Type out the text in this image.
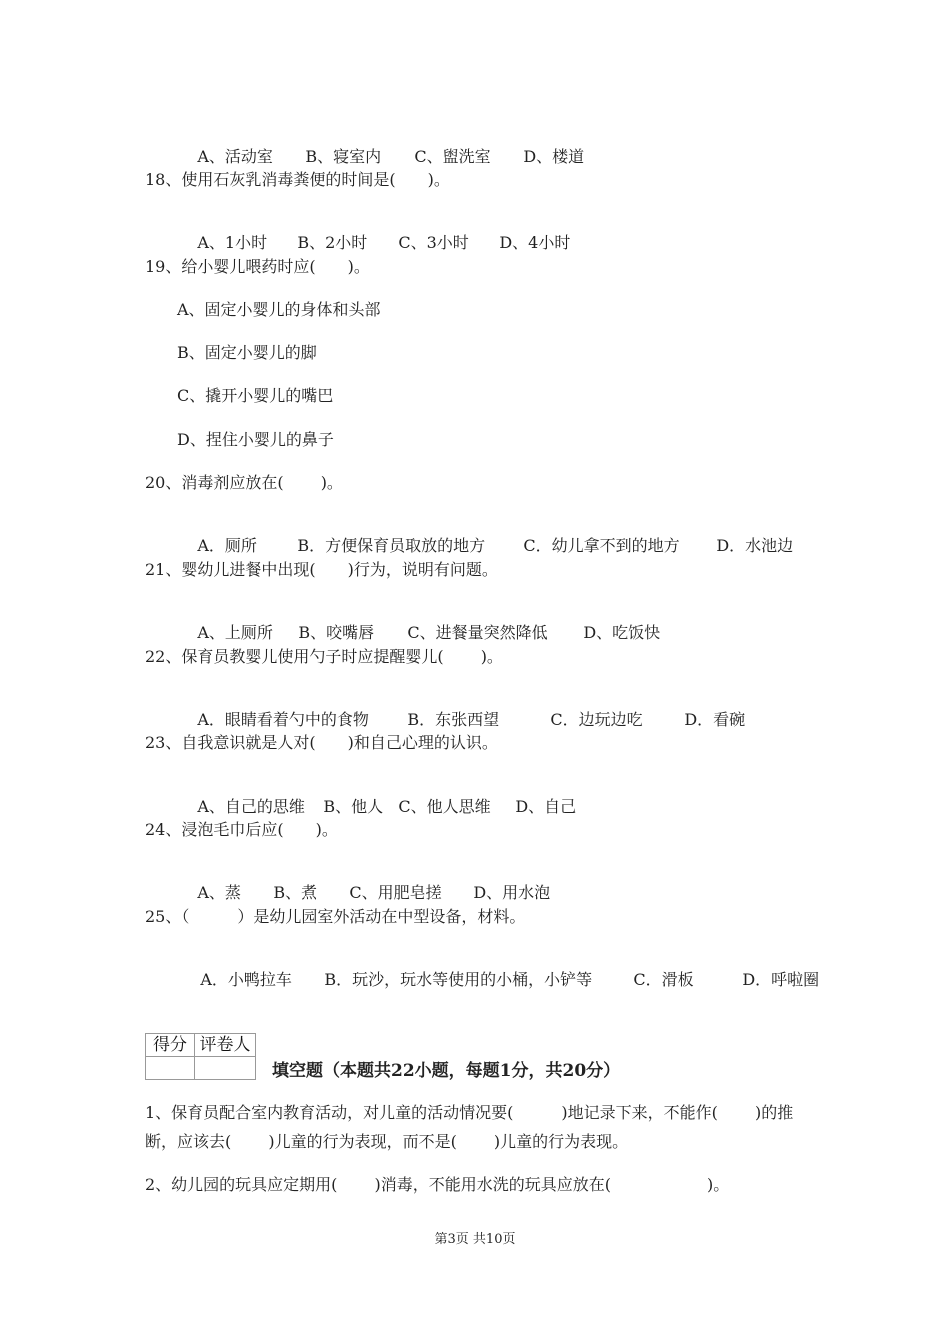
A、活动室 B、寝室内 C、盥洗室 D、楼道

18、使用石灰乳消毒粪便的时间是(　　)。

A、1小时 B、2小时 C、3小时 D、4小时

19、给小婴儿喂药时应(　　)。
A、固定小婴儿的身体和头部
B、固定小婴儿的脚
C、撬开小婴儿的嘴巴
D、捏住小婴儿的鼻子
20、消毒剂应放在(　　 )。

A．厕所	B．方便保育员取放的地方 C．幼儿拿不到的地方 D．水池边

21、婴幼儿进餐中出现(　　)行为，说明有问题。

A、上厕所 B、咬嘴唇 C、进餐量突然降低 D、吃饭快

22、保育员教婴儿使用勺子时应提醒婴儿(　　 )。

A．眼睛看着勺中的食物 B．东张西望	C．边玩边吃	D．看碗

23、自我意识就是人对(　　)和自己心理的认识。

A、自己的思维 B、他人 C、他人思维 D、自己

24、浸泡毛巾后应(　　)。

A、蒸 B、煮 C、用肥皂搓 D、用水泡

25、（　　　）是幼儿园室外活动在中型设备，材料。

A．小鸭拉车 B．玩沙，玩水等使用的小桶，小铲等	C．滑板	D．呼啦圈

得分	评卷人

填空题（本题共22小题，每题1分，共20分）
1、保育员配合室内教育活动，对儿童的活动情况要(　　　)地记录下来，不能作(　　 )的推
断，应该去(　　 )儿童的行为表现，而不是(　　 )儿童的行为表现。
2、幼儿园的玩具应定期用(　　 )消毒，不能用水洗的玩具应放在(　　　　　　)。
第3页 共10页
